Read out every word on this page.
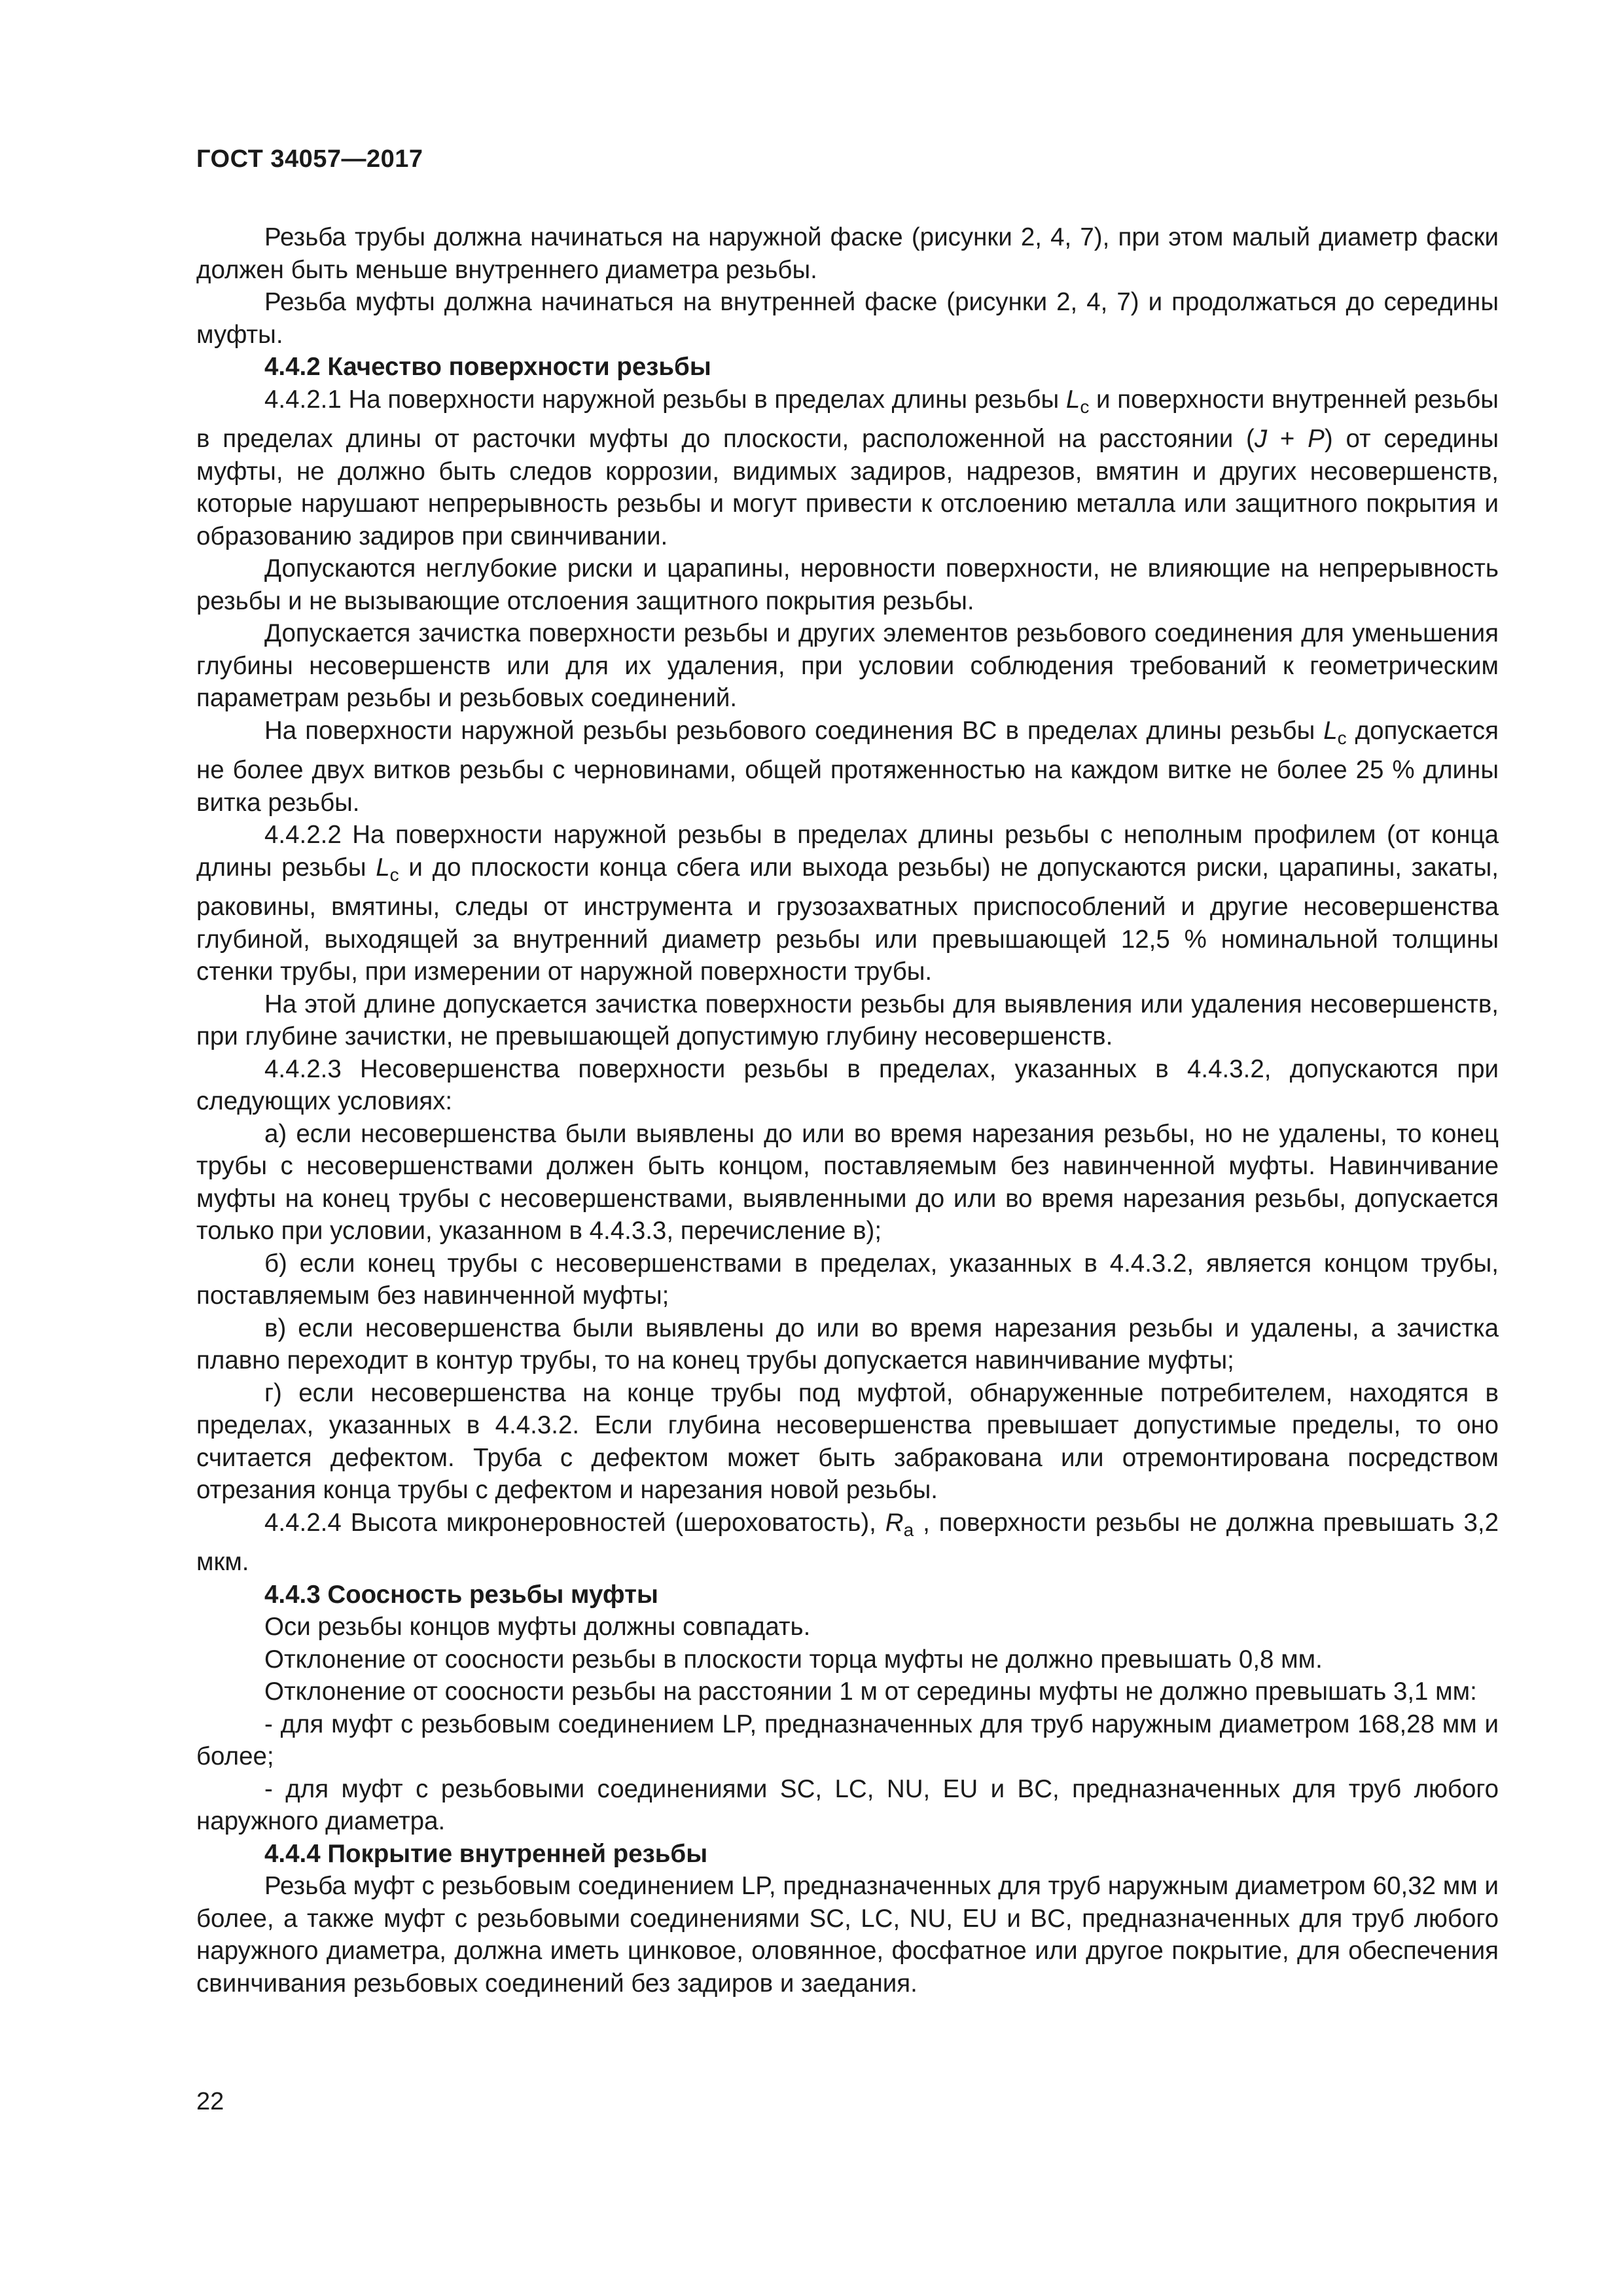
ГОСТ 34057—2017

Резьба трубы должна начинаться на наружной фаске (рисунки 2, 4, 7), при этом малый диаметр фаски должен быть меньше внутреннего диаметра резьбы.

Резьба муфты должна начинаться на внутренней фаске (рисунки 2, 4, 7) и продолжаться до середины муфты.

4.4.2 Качество поверхности резьбы

4.4.2.1 На поверхности наружной резьбы в пределах длины резьбы $L_c$ и поверхности внутренней резьбы в пределах длины от расточки муфты до плоскости, расположенной на расстоянии (J + P) от середины муфты, не должно быть следов коррозии, видимых задиров, надрезов, вмятин и других несовершенств, которые нарушают непрерывность резьбы и могут привести к отслоению металла или защитного покрытия и образованию задиров при свинчивании.

Допускаются неглубокие риски и царапины, неровности поверхности, не влияющие на непрерывность резьбы и не вызывающие отслоения защитного покрытия резьбы.

Допускается зачистка поверхности резьбы и других элементов резьбового соединения для уменьшения глубины несовершенств или для их удаления, при условии соблюдения требований к геометрическим параметрам резьбы и резьбовых соединений.

На поверхности наружной резьбы резьбового соединения BC в пределах длины резьбы $L_c$ допускается не более двух витков резьбы с черновинами, общей протяженностью на каждом витке не более 25 % длины витка резьбы.

4.4.2.2 На поверхности наружной резьбы в пределах длины резьбы с неполным профилем (от конца длины резьбы $L_c$ и до плоскости конца сбега или выхода резьбы) не допускаются риски, царапины, закаты, раковины, вмятины, следы от инструмента и грузозахватных приспособлений и другие несовершенства глубиной, выходящей за внутренний диаметр резьбы или превышающей 12,5 % номинальной толщины стенки трубы, при измерении от наружной поверхности трубы.

На этой длине допускается зачистка поверхности резьбы для выявления или удаления несовершенств, при глубине зачистки, не превышающей допустимую глубину несовершенств.

4.4.2.3 Несовершенства поверхности резьбы в пределах, указанных в 4.4.3.2, допускаются при следующих условиях:

а) если несовершенства были выявлены до или во время нарезания резьбы, но не удалены, то конец трубы с несовершенствами должен быть концом, поставляемым без навинченной муфты. Навинчивание муфты на конец трубы с несовершенствами, выявленными до или во время нарезания резьбы, допускается только при условии, указанном в 4.4.3.3, перечисление в);

б) если конец трубы с несовершенствами в пределах, указанных в 4.4.3.2, является концом трубы, поставляемым без навинченной муфты;

в) если несовершенства были выявлены до или во время нарезания резьбы и удалены, а зачистка плавно переходит в контур трубы, то на конец трубы допускается навинчивание муфты;

г) если несовершенства на конце трубы под муфтой, обнаруженные потребителем, находятся в пределах, указанных в 4.4.3.2. Если глубина несовершенства превышает допустимые пределы, то оно считается дефектом. Труба с дефектом может быть забракована или отремонтирована посредством отрезания конца трубы с дефектом и нарезания новой резьбы.

4.4.2.4 Высота микронеровностей (шероховатость), $R_a$ , поверхности резьбы не должна превышать 3,2 мкм.

4.4.3 Соосность резьбы муфты

Оси резьбы концов муфты должны совпадать.

Отклонение от соосности резьбы в плоскости торца муфты не должно превышать 0,8 мм.

Отклонение от соосности резьбы на расстоянии 1 м от середины муфты не должно превышать 3,1 мм:

- для муфт с резьбовым соединением LP, предназначенных для труб наружным диаметром 168,28 мм и более;

- для муфт с резьбовыми соединениями SC, LC, NU, EU и BC, предназначенных для труб любого наружного диаметра.

4.4.4 Покрытие внутренней резьбы

Резьба муфт с резьбовым соединением LP, предназначенных для труб наружным диаметром 60,32 мм и более, а также муфт с резьбовыми соединениями SC, LC, NU, EU и BC, предназначенных для труб любого наружного диаметра, должна иметь цинковое, оловянное, фосфатное или другое покрытие, для обеспечения свинчивания резьбовых соединений без задиров и заедания.

22
